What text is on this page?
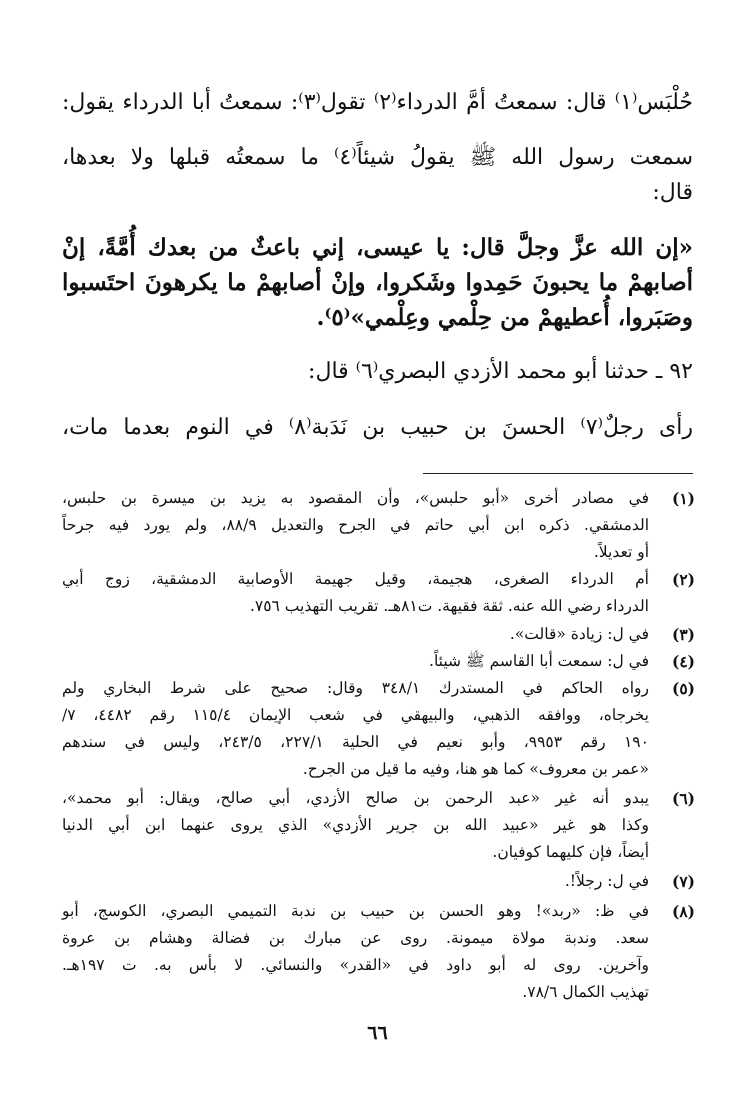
حُلْبَس⁽١⁾ قال: سمعتُ أمَّ الدرداء⁽٢⁾ تقول⁽٣⁾: سمعتُ أبا الدرداء يقول:
سمعت رسول الله ﷺ يقولُ شيئاً⁽٤⁾ ما سمعتُه قبلها ولا بعدها،
قال:
«إن الله عزَّ وجلَّ قال: يا عيسى، إني باعثٌ من بعدك أُمَّةً، إنْ
أصابهمْ ما يحبونَ حَمِدوا وشَكروا، وإنْ أصابهمْ ما يكرهونَ احتَسبوا
وصَبَروا، أُعطيهمْ من حِلْمي وعِلْمي»⁽٥⁾.
٩٢ ـ حدثنا أبو محمد الأزدي البصري⁽٦⁾ قال:
رأى رجلٌ⁽٧⁾ الحسنَ بن حبيب بن نَدَبة⁽٨⁾ في النوم بعدما مات،
(١)
في مصادر أخرى «أبو حلبس»، وأن المقصود به يزيد بن ميسرة بن حلبس،
الدمشقي. ذكره ابن أبي حاتم في الجرح والتعديل ٨٨/٩، ولم يورد فيه جرحاً
أو تعديلاً.
(٢)
أم الدرداء الصغرى، هجيمة، وقيل جهيمة الأوصابية الدمشقية، زوج أبي
الدرداء رضي الله عنه. ثقة فقيهة. ت٨١هـ. تقريب التهذيب ٧٥٦.
(٣)
في ل: زيادة «قالت».
(٤)
في ل: سمعت أبا القاسم ﷺ شيئاً.
(٥)
رواه الحاكم في المستدرك ٣٤٨/١ وقال: صحيح على شرط البخاري ولم
يخرجاه، ووافقه الذهبي، والبيهقي في شعب الإيمان ١١٥/٤ رقم ٤٤٨٢، ٧/
١٩٠ رقم ٩٩٥٣، وأبو نعيم في الحلية ٢٢٧/١، ٢٤٣/٥، وليس في سندهم
«عمر بن معروف» كما هو هنا، وفيه ما قيل من الجرح.
(٦)
يبدو أنه غير «عبد الرحمن بن صالح الأزدي، أبي صالح، ويقال: أبو محمد»،
وكذا هو غير «عبيد الله بن جرير الأزدي» الذي يروى عنهما ابن أبي الدنيا
أيضاً، فإن كليهما كوفيان.
(٧)
في ل: رجلاً!.
(٨)
في ظ: «ربد»! وهو الحسن بن حبيب بن ندبة التميمي البصري، الكوسج، أبو
سعد. وندبة مولاة ميمونة. روى عن مبارك بن فضالة وهشام بن عروة
وآخرين. روى له أبو داود في «القدر» والنسائي. لا بأس به. ت ١٩٧هـ.
تهذيب الكمال ٧٨/٦.
٦٦
